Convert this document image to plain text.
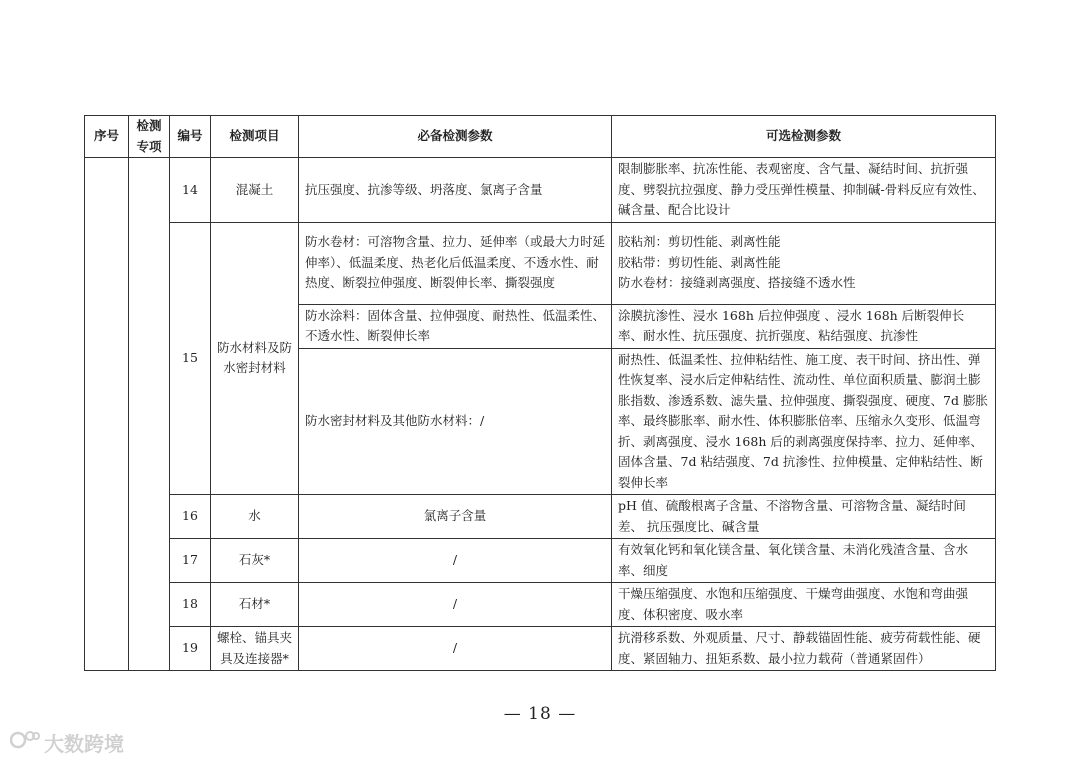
序号	检测专项	编号	检测项目	必备检测参数	可选检测参数
		14	混凝土	抗压强度、抗渗等级、坍落度、氯离子含量	限制膨胀率、抗冻性能、表观密度、含气量、凝结时间、抗折强度、劈裂抗拉强度、静力受压弹性模量、抑制碱-骨料反应有效性、碱含量、配合比设计
		15	防水材料及防水密封材料	防水卷材：可溶物含量、拉力、延伸率（或最大力时延伸率）、低温柔度、热老化后低温柔度、不透水性、耐热度、断裂拉伸强度、断裂伸长率、撕裂强度	胶粘剂：剪切性能、剥离性能
胶粘带：剪切性能、剥离性能
防水卷材：接缝剥离强度、搭接缝不透水性

				防水涂料：固体含量、拉伸强度、耐热性、低温柔性、不透水性、断裂伸长率	涂膜抗渗性、浸水 168h 后拉伸强度 、浸水 168h 后断裂伸长率、耐水性、抗压强度、抗折强度、粘结强度、抗渗性
				防水密封材料及其他防水材料：/	耐热性、低温柔性、拉伸粘结性、施工度、表干时间、挤出性、弹性恢复率、浸水后定伸粘结性、流动性、单位面积质量、膨润土膨胀指数、渗透系数、滤失量、拉伸强度、撕裂强度、硬度、7d 膨胀率、最终膨胀率、耐水性、体积膨胀倍率、压缩永久变形、低温弯折、剥离强度、浸水 168h 后的剥离强度保持率、拉力、延伸率、固体含量、7d 粘结强度、7d 抗渗性、拉伸模量、定伸粘结性、断裂伸长率
		16	水	氯离子含量	pH 值、硫酸根离子含量、不溶物含量、可溶物含量、凝结时间差、 抗压强度比、碱含量
		17	石灰*	/	有效氧化钙和氧化镁含量、氧化镁含量、未消化残渣含量、含水率、细度
		18	石材*	/	干燥压缩强度、水饱和压缩强度、干燥弯曲强度、水饱和弯曲强度、体积密度、吸水率
		19	螺栓、锚具夹具及连接器*	/	抗滑移系数、外观质量、尺寸、静载锚固性能、疲劳荷载性能、硬度、紧固轴力、扭矩系数、最小拉力载荷（普通紧固件）
— 18 —
大数跨境
